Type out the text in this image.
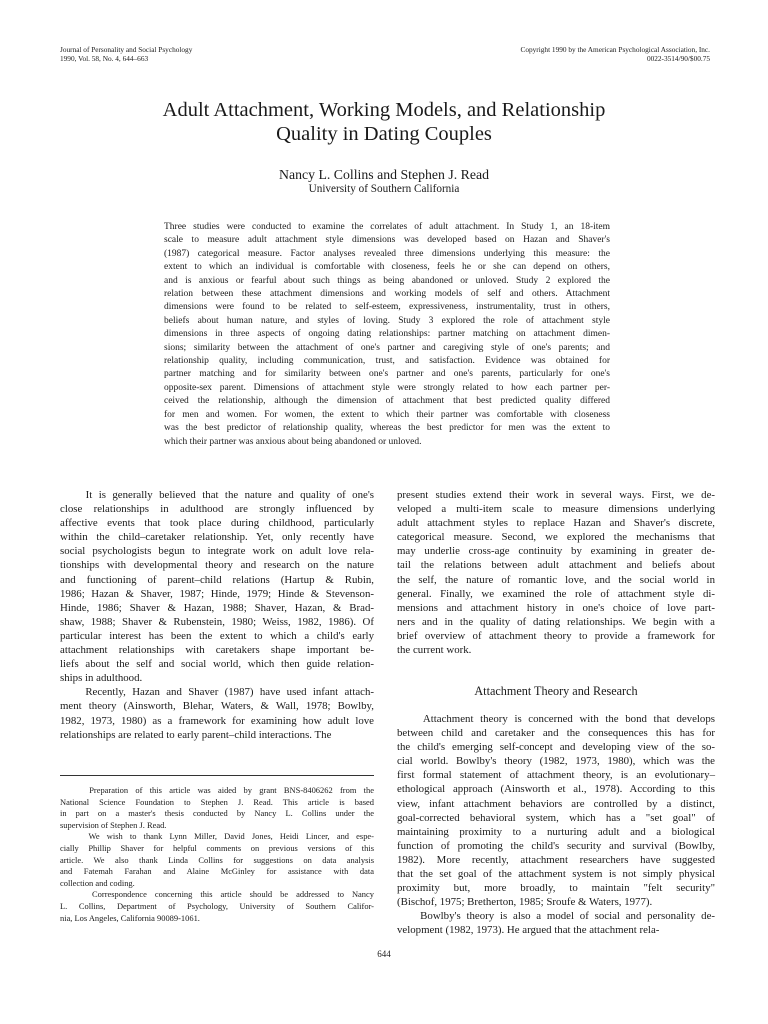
Journal of Personality and Social Psychology
1990, Vol. 58, No. 4, 644–663
Copyright 1990 by the American Psychological Association, Inc.
0022-3514/90/$00.75
Adult Attachment, Working Models, and Relationship
Quality in Dating Couples
Nancy L. Collins and Stephen J. Read
University of Southern California
Three studies were conducted to examine the correlates of adult attachment. In Study 1, an 18-item
scale to measure adult attachment style dimensions was developed based on Hazan and Shaver's
(1987) categorical measure. Factor analyses revealed three dimensions underlying this measure: the
extent to which an individual is comfortable with closeness, feels he or she can depend on others,
and is anxious or fearful about such things as being abandoned or unloved. Study 2 explored the
relation between these attachment dimensions and working models of self and others. Attachment
dimensions were found to be related to self-esteem, expressiveness, instrumentality, trust in others,
beliefs about human nature, and styles of loving. Study 3 explored the role of attachment style
dimensions in three aspects of ongoing dating relationships: partner matching on attachment dimen-
sions; similarity between the attachment of one's partner and caregiving style of one's parents; and
relationship quality, including communication, trust, and satisfaction. Evidence was obtained for
partner matching and for similarity between one's partner and one's parents, particularly for one's
opposite-sex parent. Dimensions of attachment style were strongly related to how each partner per-
ceived the relationship, although the dimension of attachment that best predicted quality differed
for men and women. For women, the extent to which their partner was comfortable with closeness
was the best predictor of relationship quality, whereas the best predictor for men was the extent to
which their partner was anxious about being abandoned or unloved.
It is generally believed that the nature and quality of one's
close relationships in adulthood are strongly influenced by
affective events that took place during childhood, particularly
within the child–caretaker relationship. Yet, only recently have
social psychologists begun to integrate work on adult love rela-
tionships with developmental theory and research on the nature
and functioning of parent–child relations (Hartup & Rubin,
1986; Hazan & Shaver, 1987; Hinde, 1979; Hinde & Stevenson-
Hinde, 1986; Shaver & Hazan, 1988; Shaver, Hazan, & Brad-
shaw, 1988; Shaver & Rubenstein, 1980; Weiss, 1982, 1986). Of
particular interest has been the extent to which a child's early
attachment relationships with caretakers shape important be-
liefs about the self and social world, which then guide relation-
ships in adulthood.
Recently, Hazan and Shaver (1987) have used infant attach-
ment theory (Ainsworth, Blehar, Waters, & Wall, 1978; Bowlby,
1982, 1973, 1980) as a framework for examining how adult love
relationships are related to early parent–child interactions. The
present studies extend their work in several ways. First, we de-
veloped a multi-item scale to measure dimensions underlying
adult attachment styles to replace Hazan and Shaver's discrete,
categorical measure. Second, we explored the mechanisms that
may underlie cross-age continuity by examining in greater de-
tail the relations between adult attachment and beliefs about
the self, the nature of romantic love, and the social world in
general. Finally, we examined the role of attachment style di-
mensions and attachment history in one's choice of love part-
ners and in the quality of dating relationships. We begin with a
brief overview of attachment theory to provide a framework for
the current work.
Attachment Theory and Research
Attachment theory is concerned with the bond that develops
between child and caretaker and the consequences this has for
the child's emerging self-concept and developing view of the so-
cial world. Bowlby's theory (1982, 1973, 1980), which was the
first formal statement of attachment theory, is an evolutionary–
ethological approach (Ainsworth et al., 1978). According to this
view, infant attachment behaviors are controlled by a distinct,
goal-corrected behavioral system, which has a "set goal" of
maintaining proximity to a nurturing adult and a biological
function of promoting the child's security and survival (Bowlby,
1982). More recently, attachment researchers have suggested
that the set goal of the attachment system is not simply physical
proximity but, more broadly, to maintain "felt security"
(Bischof, 1975; Bretherton, 1985; Sroufe & Waters, 1977).
Bowlby's theory is also a model of social and personality de-
velopment (1982, 1973). He argued that the attachment rela-
Preparation of this article was aided by grant BNS-8406262 from the
National Science Foundation to Stephen J. Read. This article is based
in part on a master's thesis conducted by Nancy L. Collins under the
supervision of Stephen J. Read.
We wish to thank Lynn Miller, David Jones, Heidi Lincer, and espe-
cially Phillip Shaver for helpful comments on previous versions of this
article. We also thank Linda Collins for suggestions on data analysis
and Fatemah Farahan and Alaine McGinley for assistance with data
collection and coding.
Correspondence concerning this article should be addressed to Nancy
L. Collins, Department of Psychology, University of Southern Califor-
nia, Los Angeles, California 90089-1061.
644
